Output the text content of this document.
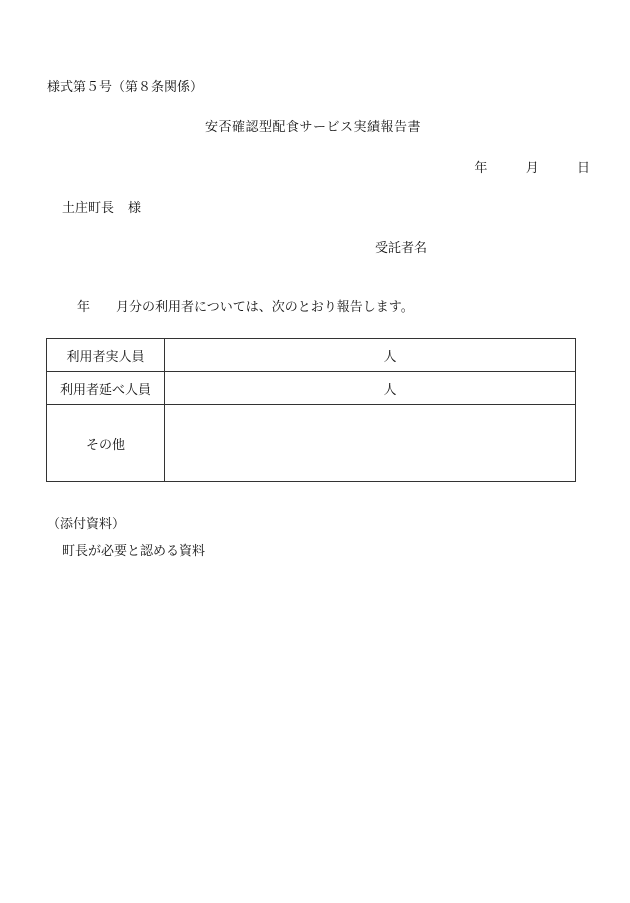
様式第５号（第８条関係）
安否確認型配食サービス実績報告書
年	月	日
土庄町長 様
受託者名
年 月分の利用者については、次のとおり報告します。
利用者実人員	人
利用者延べ人員	人
その他	
（添付資料）
町長が必要と認める資料
